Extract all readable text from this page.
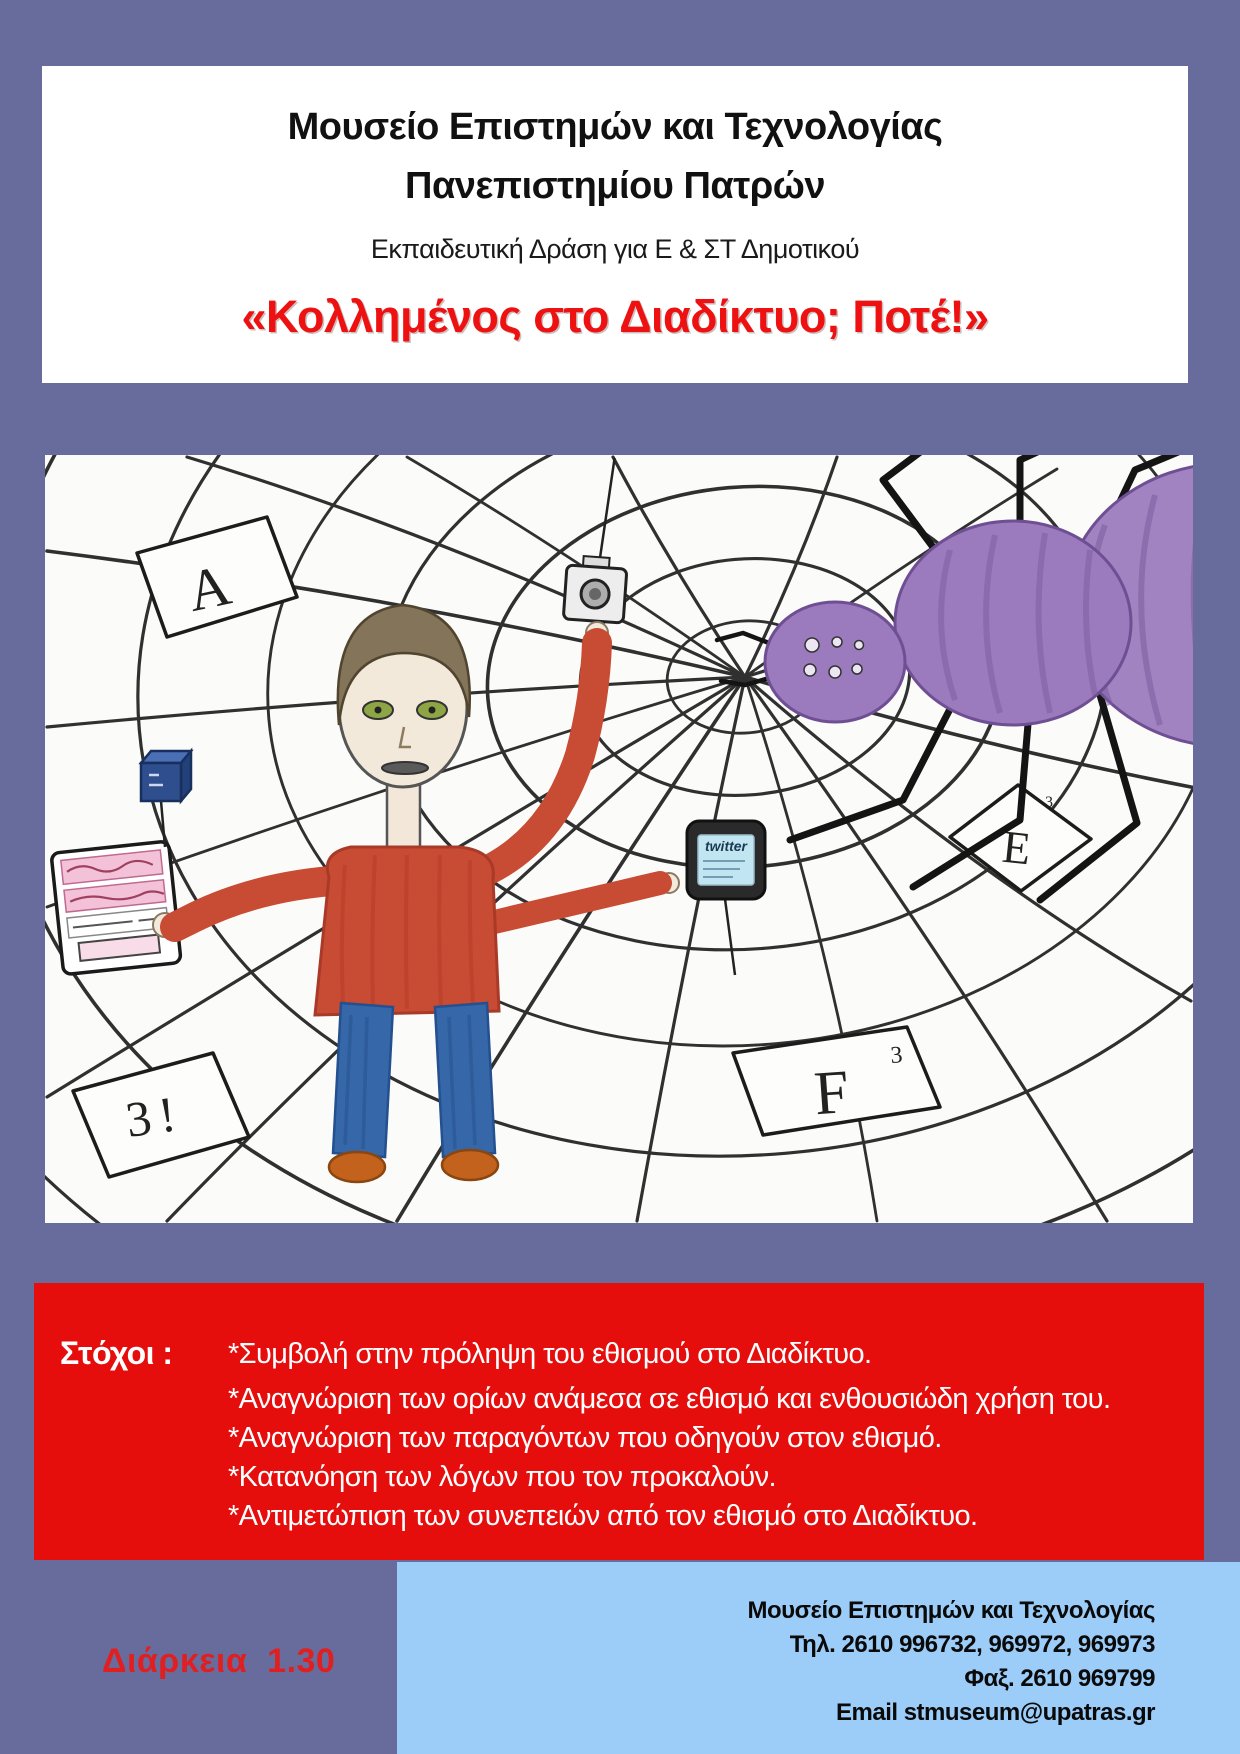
Μουσείο Επιστημών και Τεχνολογίας

Πανεπιστημίου Πατρών

Εκπαιδευτική Δράση για Ε & ΣΤ Δημοτικού

«Κολλημένος στο Διαδίκτυο; Ποτέ!»

A
3!	F
3
E
3
twitter
Στόχοι :	*Συμβολή στην πρόληψη του εθισμού στο Διαδίκτυο.
*Αναγνώριση των ορίων ανάμεσα σε εθισμό και ενθουσιώδη χρήση του.
*Αναγνώριση των παραγόντων που οδηγούν στον εθισμό.
*Κατανόηση των λόγων που τον προκαλούν.
*Αντιμετώπιση των συνεπειών από τον εθισμό στο Διαδίκτυο.
Διάρκεια  1.30
Μουσείο Επιστημών και Τεχνολογίας
Τηλ. 2610 996732, 969972, 969973
Φαξ. 2610 969799
Email stmuseum@upatras.gr
